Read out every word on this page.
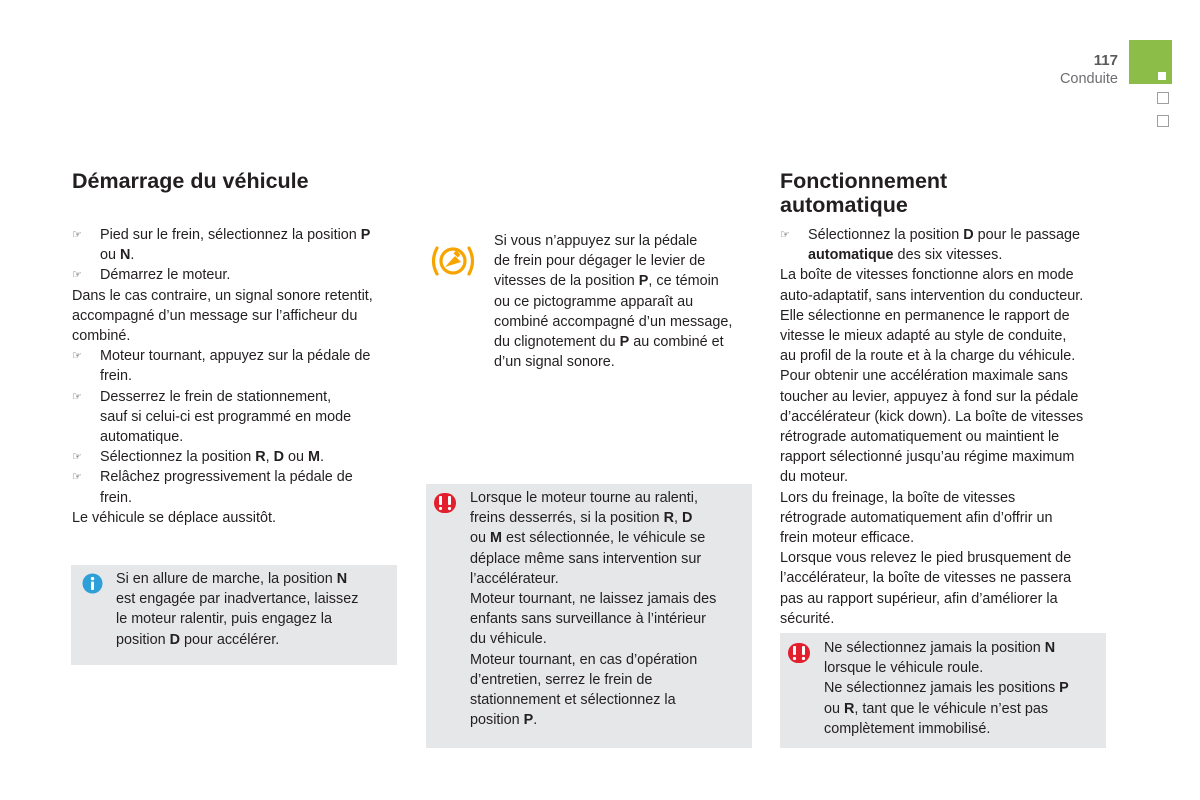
117
Conduite
Démarrage du véhicule

☞ Pied sur le frein, sélectionnez la position P

ou N.

☞ Démarrez le moteur.

Dans le cas contraire, un signal sonore retentit,

accompagné d’un message sur l’afficheur du

combiné.

☞ Moteur tournant, appuyez sur la pédale de

frein.

☞ Desserrez le frein de stationnement,

sauf si celui-ci est programmé en mode

automatique.

☞ Sélectionnez la position R, D ou M.

☞ Relâchez progressivement la pédale de

frein.

Le véhicule se déplace aussitôt.

Si en allure de marche, la position N

est engagée par inadvertance, laissez

le moteur ralentir, puis engagez la

position D pour accélérer.

Si vous n’appuyez sur la pédale

de frein pour dégager le levier de

vitesses de la position P, ce témoin

ou ce pictogramme apparaît au

combiné accompagné d’un message,

du clignotement du P au combiné et

d’un signal sonore.

Lorsque le moteur tourne au ralenti,

freins desserrés, si la position R, D

ou M est sélectionnée, le véhicule se

déplace même sans intervention sur

l’accélérateur.

Moteur tournant, ne laissez jamais des

enfants sans surveillance à l’intérieur

du véhicule.

Moteur tournant, en cas d’opération

d’entretien, serrez le frein de

stationnement et sélectionnez la

position P.

Fonctionnement
automatique

☞ Sélectionnez la position D pour le passage

automatique des six vitesses.

La boîte de vitesses fonctionne alors en mode

auto-adaptatif, sans intervention du conducteur.

Elle sélectionne en permanence le rapport de

vitesse le mieux adapté au style de conduite,

au profil de la route et à la charge du véhicule.

Pour obtenir une accélération maximale sans

toucher au levier, appuyez à fond sur la pédale

d’accélérateur (kick down). La boîte de vitesses

rétrograde automatiquement ou maintient le

rapport sélectionné jusqu’au régime maximum

du moteur.

Lors du freinage, la boîte de vitesses

rétrograde automatiquement afin d’offrir un

frein moteur efficace.

Lorsque vous relevez le pied brusquement de

l’accélérateur, la boîte de vitesses ne passera

pas au rapport supérieur, afin d’améliorer la

sécurité.

Ne sélectionnez jamais la position N

lorsque le véhicule roule.

Ne sélectionnez jamais les positions P

ou R, tant que le véhicule n’est pas

complètement immobilisé.
